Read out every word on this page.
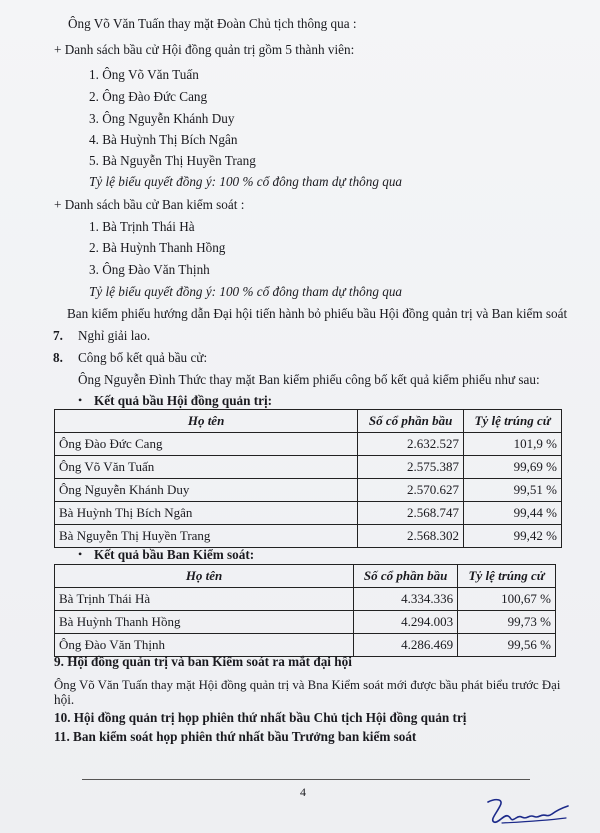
Ông Võ Văn Tuấn thay mặt Đoàn Chủ tịch thông qua :
+ Danh sách bầu cử Hội đồng quản trị gồm 5 thành viên:
1. Ông Võ Văn Tuấn
2. Ông Đào Đức Cang
3. Ông Nguyễn Khánh Duy
4. Bà Huỳnh Thị Bích Ngân
5. Bà Nguyễn Thị Huyền Trang
Tỷ lệ biểu quyết đồng ý: 100 % cổ đông tham dự thông qua
+ Danh sách bầu cử Ban kiểm soát :
1. Bà Trịnh Thái Hà
2. Bà Huỳnh Thanh Hồng
3. Ông Đào Văn Thịnh
Tỷ lệ biểu quyết đồng ý: 100 % cổ đông tham dự thông qua
Ban kiểm phiếu hướng dẫn Đại hội tiến hành bỏ phiếu bầu Hội đồng quản trị và Ban kiểm soát
7. Nghỉ giải lao.
8. Công bố kết quả bầu cử:
Ông Nguyễn Đình Thức thay mặt Ban kiểm phiếu công bố kết quả kiểm phiếu như sau:
• Kết quả bầu Hội đồng quản trị:
Họ tên	Số cổ phần bầu	Tỷ lệ trúng cử
Ông Đào Đức Cang	2.632.527	101,9 %
Ông Võ Văn Tuấn	2.575.387	99,69 %
Ông Nguyễn Khánh Duy	2.570.627	99,51 %
Bà Huỳnh Thị Bích Ngân	2.568.747	99,44 %
Bà Nguyễn Thị Huyền Trang	2.568.302	99,42 %
• Kết quả bầu Ban Kiểm soát:
Họ tên	Số cổ phần bầu	Tỷ lệ trúng cử
Bà Trịnh Thái Hà	4.334.336	100,67 %
Bà Huỳnh Thanh Hồng	4.294.003	99,73 %
Ông Đào Văn Thịnh	4.286.469	99,56 %
9. Hội đồng quản trị và ban Kiểm soát ra mắt đại hội
Ông Võ Văn Tuấn thay mặt Hội đồng quản trị và Bna Kiểm soát mới được bầu phát biểu trước Đại
hội.
10. Hội đồng quản trị họp phiên thứ nhất bầu Chủ tịch Hội đồng quản trị
11. Ban kiểm soát họp phiên thứ nhất bầu Trưởng ban kiểm soát
4
